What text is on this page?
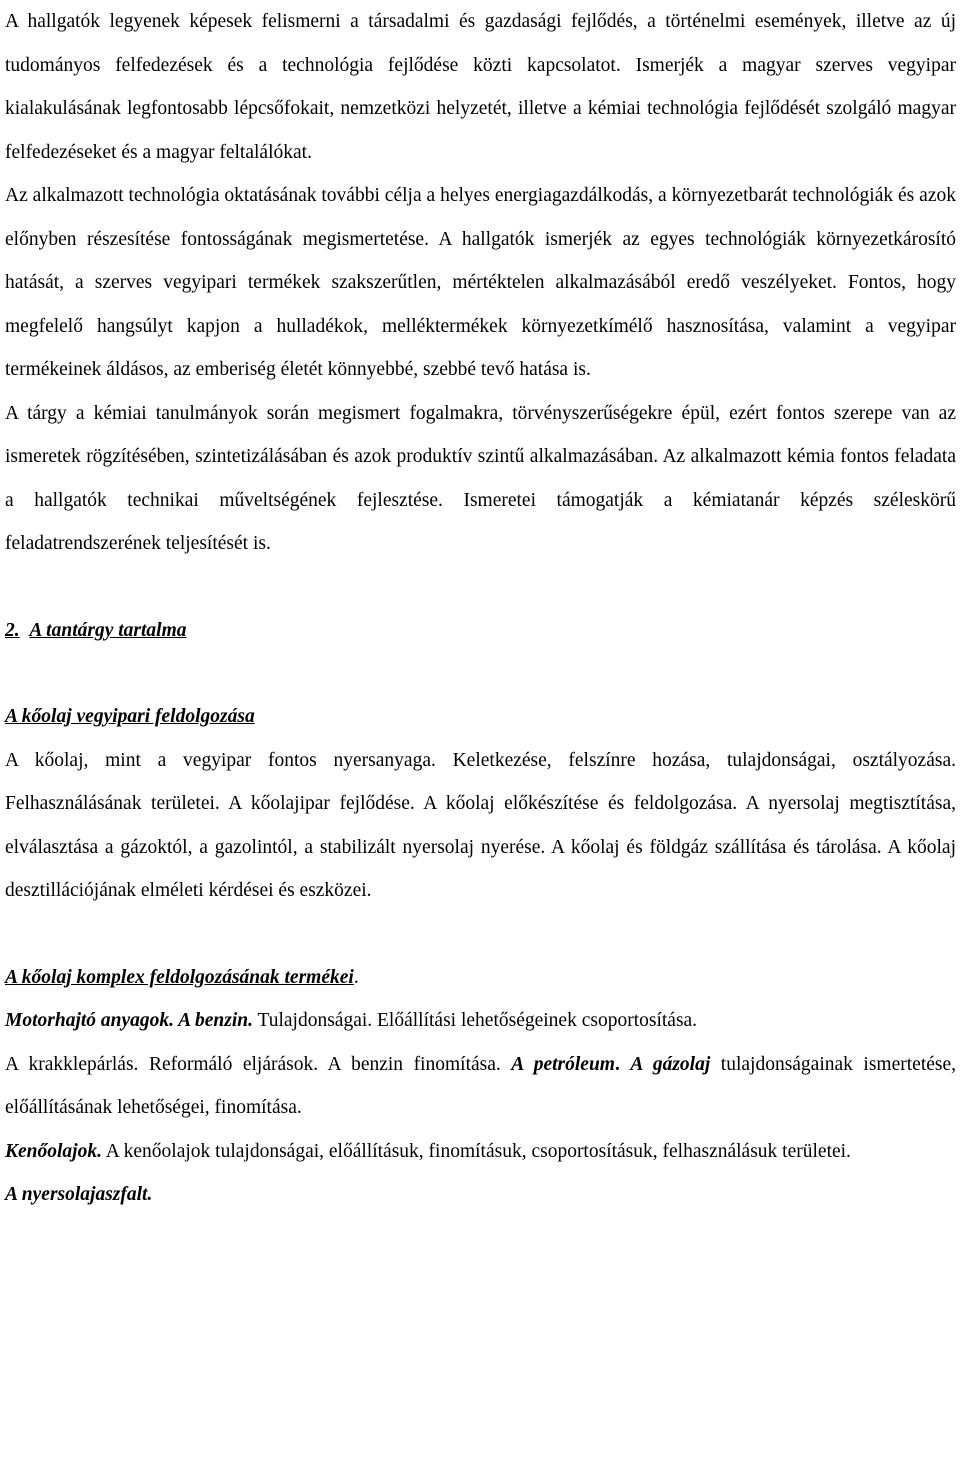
A hallgatók legyenek képesek felismerni a társadalmi és gazdasági fejlődés, a történelmi események, illetve az új tudományos felfedezések és a technológia fejlődése közti kapcsolatot. Ismerjék a magyar szerves vegyipar kialakulásának legfontosabb lépcsőfokait, nemzetközi helyzetét, illetve a kémiai technológia fejlődését szolgáló magyar felfedezéseket és a magyar feltalálókat.

Az alkalmazott technológia oktatásának további célja a helyes energiagazdálkodás, a környezetbarát technológiák és azok előnyben részesítése fontosságának megismertetése. A hallgatók ismerjék az egyes technológiák környezetkárosító hatását, a szerves vegyipari termékek szakszerűtlen, mértéktelen alkalmazásából eredő veszélyeket. Fontos, hogy megfelelő hangsúlyt kapjon a hulladékok, melléktermékek környezetkímélő hasznosítása, valamint a vegyipar termékeinek áldásos, az emberiség életét könnyebbé, szebbé tevő hatása is.

A tárgy a kémiai tanulmányok során megismert fogalmakra, törvényszerűségekre épül, ezért fontos szerepe van az ismeretek rögzítésében, szintetizálásában és azok produktív szintű alkalmazásában. Az alkalmazott kémia fontos feladata a hallgatók technikai műveltségének fejlesztése. Ismeretei támogatják a kémiatanár képzés széleskörű feladatrendszerének teljesítését is.

2. A tantárgy tartalma

A kőolaj vegyipari feldolgozása

A kőolaj, mint a vegyipar fontos nyersanyaga. Keletkezése, felszínre hozása, tulajdonságai, osztályozása. Felhasználásának területei. A kőolajipar fejlődése. A kőolaj előkészítése és feldolgozása. A nyersolaj megtisztítása, elválasztása a gázoktól, a gazolintól, a stabilizált nyersolaj nyerése. A kőolaj és földgáz szállítása és tárolása. A kőolaj desztillációjának elméleti kérdései és eszközei.

A kőolaj komplex feldolgozásának termékei.

Motorhajtó anyagok. A benzin. Tulajdonságai. Előállítási lehetőségeinek csoportosítása.

A krakklepárlás. Reformáló eljárások. A benzin finomítása. A petróleum. A gázolaj tulajdonságainak ismertetése, előállításának lehetőségei, finomítása.

Kenőolajok. A kenőolajok tulajdonságai, előállításuk, finomításuk, csoportosításuk, felhasználásuk területei.

A nyersolajaszfalt.
